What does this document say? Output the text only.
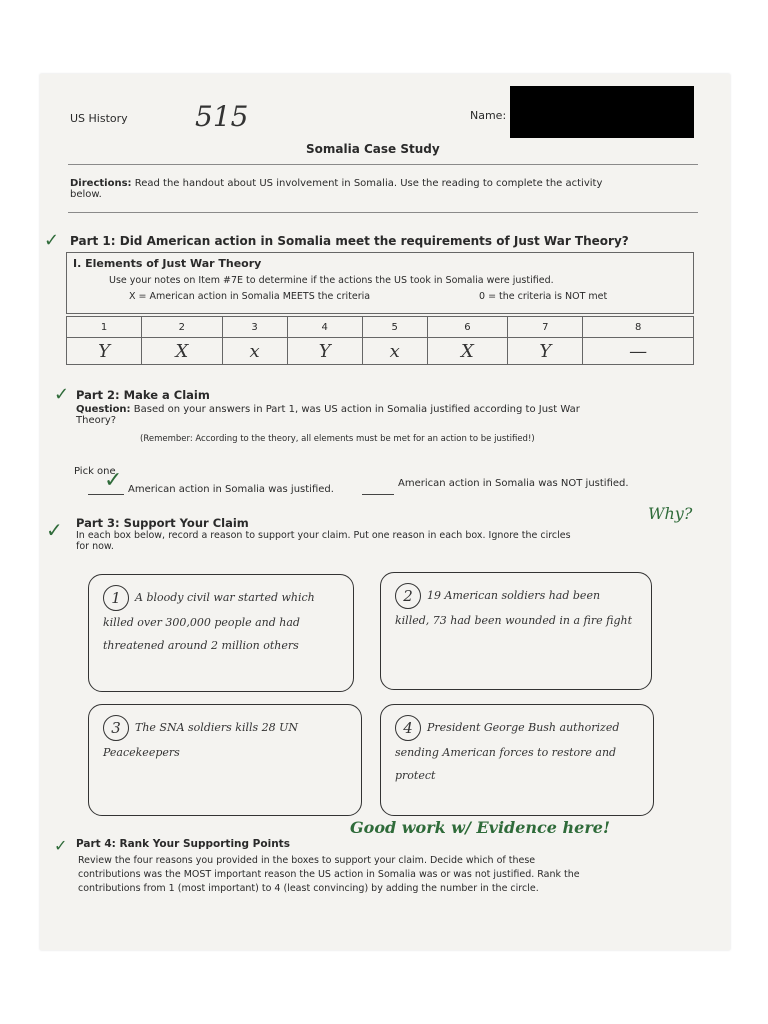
US History 515	Name:
Somalia Case Study
Directions: Read the handout about US involvement in Somalia. Use the reading to complete the activity
below.
✓ Part 1: Did American action in Somalia meet the requirements of Just War Theory?
I. Elements of Just War Theory
Use your notes on Item #7E to determine if the actions the US took in Somalia were justified.
X = American action in Somalia MEETS the criteria	0 = the criteria is NOT met
1	2	3	4	5	6	7	8
Y	X	x	Y	x	X	Y	—
✓ Part 2: Make a Claim
Question: Based on your answers in Part 1, was US action in Somalia justified according to Just War
Theory?
(Remember: According to the theory, all elements must be met for an action to be justified!)
Pick one
✓ American action in Somalia was justified.
American action in Somalia was NOT justified.
✓ Part 3: Support Your Claim
In each box below, record a reason to support your claim. Put one reason in each box. Ignore the circles
for now.
Why?
1 A bloody civil war started which killed over 300,000 people and had threatened around 2 million others
2 19 American soldiers had been killed, 73 had been wounded in a fire fight
3 The SNA soldiers kills 28 UN Peacekeepers
4 President George Bush authorized sending American forces to restore and protect
Good work w/ Evidence here!
✓ Part 4: Rank Your Supporting Points
Review the four reasons you provided in the boxes to support your claim. Decide which of these
contributions was the MOST important reason the US action in Somalia was or was not justified. Rank the
contributions from 1 (most important) to 4 (least convincing) by adding the number in the circle.
